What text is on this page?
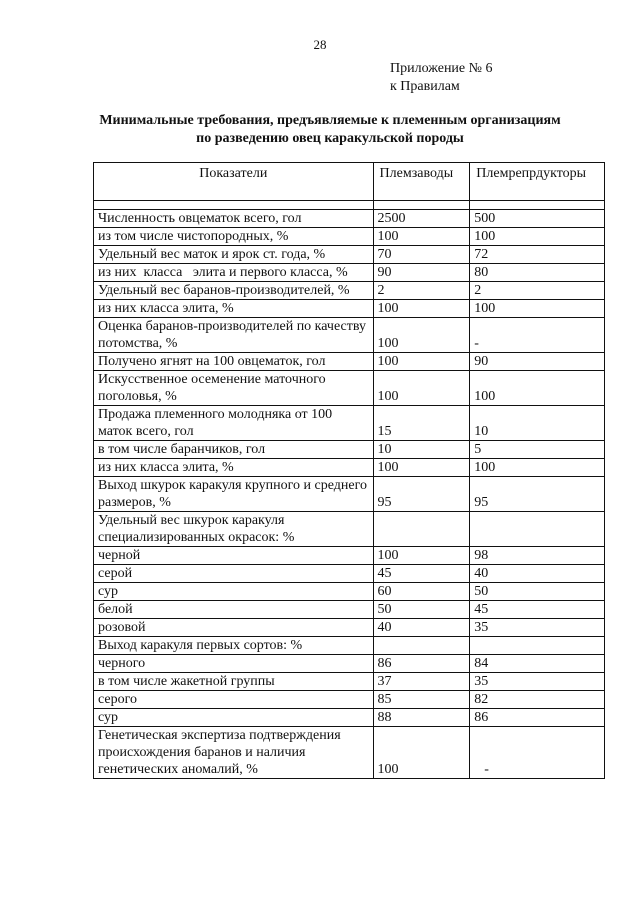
28
Приложение № 6
к Правилам
Минимальные требования, предъявляемые к племенным организациям
по разведению овец каракульской породы
Показатели	Племзаводы	Племрепрдукторы

Численность овцематок всего, гол	2500	500
из том числе чистопородных, %	100	100
Удельный вес маток и ярок ст. года, %	70	72
из них  класса   элита и первого класса, %	90	80
Удельный вес баранов-производителей, %	2	2
из них класса элита, %	100	100
Оценка баранов-производителей по качеству потомства, %	100	-
Получено ягнят на 100 овцематок, гол	100	90
Искусственное осеменение маточного поголовья, %	100	100
Продажа племенного молодняка от 100 маток всего, гол	15	10
в том числе баранчиков, гол	10	5
из них класса элита, %	100	100
Выход шкурок каракуля крупного и среднего размеров, %	95	95
Удельный вес шкурок каракуля специализированных окрасок: %		
черной	100	98
серой	45	40
сур	60	50
белой	50	45
розовой	40	35
Выход каракуля первых сортов: %		
черного	86	84
в том числе жакетной группы	37	35
серого	85	82
сур	88	86
Генетическая экспертиза подтверждения происхождения баранов и наличия генетических аномалий, %	100	-
